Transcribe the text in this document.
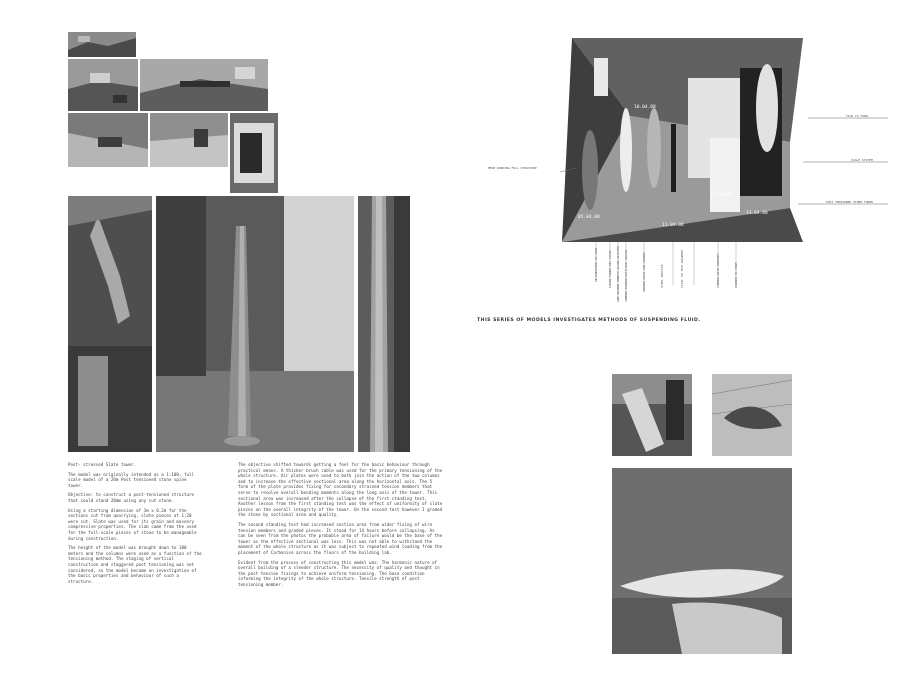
Post- stressed Slate tower.

The model was originally intended as a 1:100, full scale model of a 20m Post tensioned stone spine tower.

Objective: to construct a post-tensioned structure that could stand 20mm using any cut stone.

Using a starting dimension of 3m x 0.2m for the sections cut from quarrying, slate pieces at 1:20 were cut. Slate was used for its grain and masonry compressive properties. The slab came from the used for the full-scale pieces of stone to be manageable during construction.

The height of the model was brought down to 100 meters and the columns were used as a function of the tensioning method. The staging of vertical construction and staggered post tensioning was not considered, so the model became an investigation of the basic properties and behaviour of such a structure.

The objective shifted towards getting a feel for the basic behaviour through practical means. A thicker brush cable was used for the primary tensioning of the whole structure. Air plates were used to both join the action of the two columns and to increase the effective sectional area along the horizontal axis. The 5 form of the plate provides fixing for secondary strained tension members that serve to resolve overall bending moments along the long axis of the tower. This sectional area was increased after the collapse of the first standing test. Another lesson from the first standing test was the effect of uniformity of slate pieces on the overall integrity of the tower. On the second test however I graded the stone by sectional area and quality.

The second standing test had increased section area from wider fixing of wire tension members and graded pieces. It stood for 14 hours before collapsing. As can be seen from the photos the probable area of failure would be the base of the tower as the effective sectional was less. This was not able to withstand the moment of the whole structure as it was subject to repeated wind loading from the placement of Carbonise across the floors of the building lab.

Evident from the process of constructing this model was: The harmonic nature of overall building of a slender structure. The necessity of quality and thought in the post tension fixings to achieve uniform tensioning. The base condition informing the integrity of the whole structure. Tensile strength of post tensioning member.

05.04.08
10.04.08
11.04.08
12.04.08
13.04.08
MESH WORKING FULL STRUCTURE
FILM TO FORM
SCALE SYSTEM
POST TENSIONED STONE TOWER
RE-EXECUTED IN 1890	LAKIN TOWER 38C-TOTAL AND SPLEEN SHEETS SLING SLOTTED COPPER SCREEN WITH ROD TRACKS	HOLDER WITH TWO SPINNS	STEEL PROFILE	CIVIL IN TEXT-WRAPPED	COPPER WITH SUPPORT	POURED TO FORM
THIS SERIES OF MODELS INVESTIGATES METHODS OF SUSPENDING FLUID.
